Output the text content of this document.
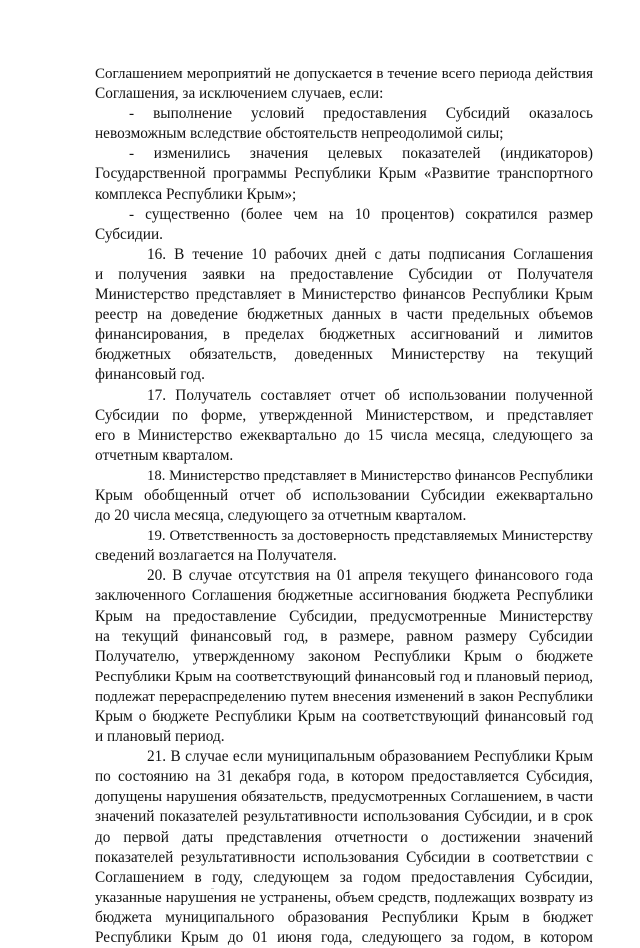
Соглашением мероприятий не допускается в течение всего периода действия
Соглашения, за исключением случаев, если:
- выполнение условий предоставления Субсидий оказалось
невозможным вследствие обстоятельств непреодолимой силы;
- изменились значения целевых показателей (индикаторов)
Государственной программы Республики Крым «Развитие транспортного
комплекса Республики Крым»;
- существенно (более чем на 10 процентов) сократился размер
Субсидии.
16. В течение 10 рабочих дней с даты подписания Соглашения
и получения заявки на предоставление Субсидии от Получателя
Министерство представляет в Министерство финансов Республики Крым
реестр на доведение бюджетных данных в части предельных объемов
финансирования, в пределах бюджетных ассигнований и лимитов
бюджетных обязательств, доведенных Министерству на текущий
финансовый год.
17. Получатель составляет отчет об использовании полученной
Субсидии по форме, утвержденной Министерством, и представляет
его в Министерство ежеквартально до 15 числа месяца, следующего за
отчетным кварталом.
18. Министерство представляет в Министерство финансов Республики
Крым обобщенный отчет об использовании Субсидии ежеквартально
до 20 числа месяца, следующего за отчетным кварталом.
19. Ответственность за достоверность представляемых Министерству
сведений возлагается на Получателя.
20. В случае отсутствия на 01 апреля текущего финансового года
заключенного Соглашения бюджетные ассигнования бюджета Республики
Крым на предоставление Субсидии, предусмотренные Министерству
на текущий финансовый год, в размере, равном размеру Субсидии
Получателю, утвержденному законом Республики Крым о бюджете
Республики Крым на соответствующий финансовый год и плановый период,
подлежат перераспределению путем внесения изменений в закон Республики
Крым о бюджете Республики Крым на соответствующий финансовый год
и плановый период.
21. В случае если муниципальным образованием Республики Крым
по состоянию на 31 декабря года, в котором предоставляется Субсидия,
допущены нарушения обязательств, предусмотренных Соглашением, в части
значений показателей результативности использования Субсидии, и в срок
до первой даты представления отчетности о достижении значений
показателей результативности использования Субсидии в соответствии с
Соглашением в году, следующем за годом предоставления Субсидии,
указанные нарушения не устранены, объем средств, подлежащих возврату из
бюджета муниципального образования Республики Крым в бюджет
Республики Крым до 01 июня года, следующего за годом, в котором
